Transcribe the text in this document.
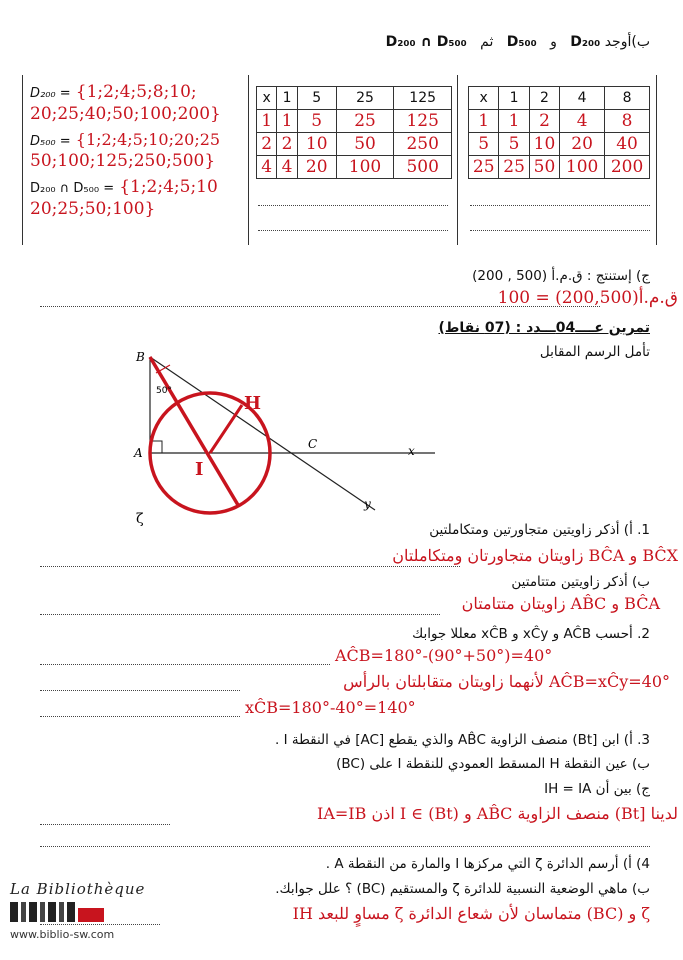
ب)أوجد D₂₀₀   و   D₅₀₀   ثم   D₂₀₀ ∩ D₅₀₀
D₂₀₀ = {1;2;4;5;8;10;
20;25;40;50;100;200}
D₅₀₀ = {1;2;4;5;10;20;25
50;100;125;250;500}
D₂₀₀ ∩ D₅₀₀ = {1;2;4;5;10
20;25;50;100}
x	1	5	25	125
1	1	5	25	125
2	2	10	50	250
4	4	20	100	500
x	1	2	4	8
1	1	2	4	8
5	5	10	20	40
25	25	50	100	200
ج) إستنتج : ق.م.أ (500 , 200)
ق.م.أ(200,500) = 100
تمرين عــــ04ـــدد : (07 نقاط)
تأمل الرسم المقابل
B
50°
A
C	x
y
I
H
ζ
1. أ) أذكر زاويتين متجاورتين ومتكاملتين
BĈX و BĈA زاويتان متجاورتان ومتكاملتان
ب) أذكر زاويتين متتامتين
BĈA و AB̂C زاويتان متتامتان
2. أحسب AĈB و xĈy و xĈB معللا جوابك
AĈB=180°-(90°+50°)=40°
AĈB=xĈy=40° لأنهما زاويتان متقابلتان بالرأس
xĈB=180°-40°=140°
3. أ) ابن [Bt) منصف الزاوية AB̂C والذي يقطع [AC] في النقطة I .
ب) عين النقطة H المسقط العمودي للنقطة I على (BC)
ج) بين أن IH = IA
لدينا [Bt) منصف الزاوية AB̂C و I ∈ (Bt) اذن IA=IB
4) أ) أرسم الدائرة ζ التي مركزها I والمارة من النقطة A .
ب) ماهي الوضعية النسبية للدائرة ζ والمستقيم (BC) ؟ علل جوابك.
ζ و (BC) متماسان لأن شعاع الدائرة ζ مساوٍ للبعد IH
La Bibliothèque
www.biblio-sw.com
